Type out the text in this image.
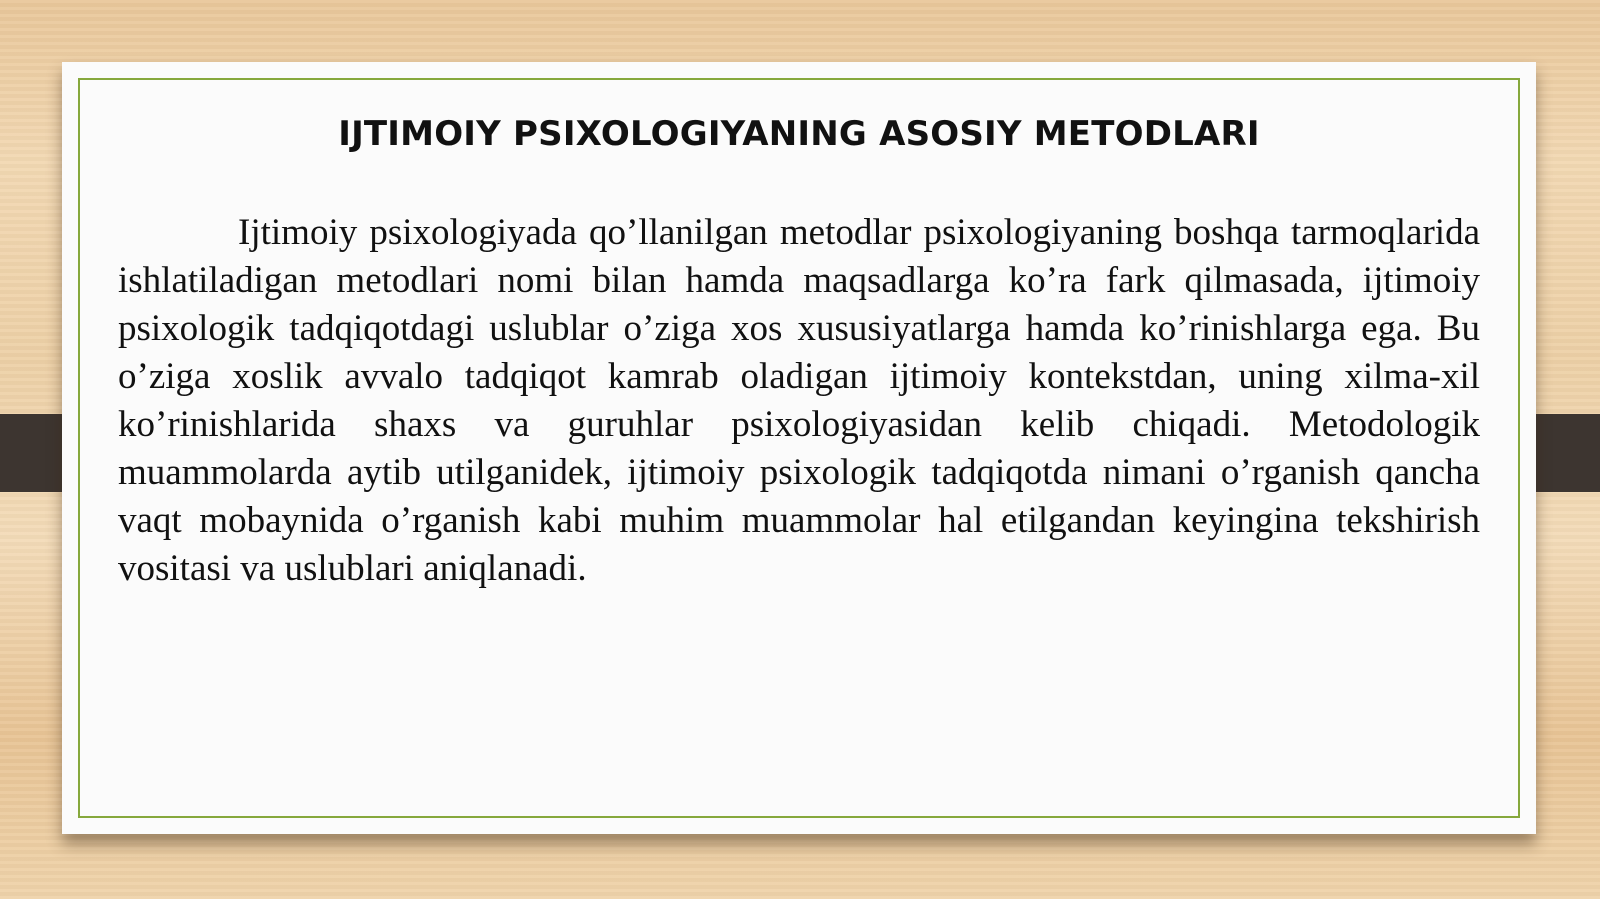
IJTIMOIY PSIXOLOGIYANING ASOSIY METODLARI

Ijtimoiy psixologiyada qo’llanilgan metodlar psixologiyaning boshqa tarmoqlarida ishlatiladigan metodlari nomi bilan hamda maqsadlarga ko’ra fark qilmasada, ijtimoiy psixologik tadqiqotdagi uslublar o’ziga xos xususiyatlarga hamda ko’rinishlarga ega. Bu o’ziga xoslik avvalo tadqiqot kamrab oladigan ijtimoiy kontekstdan, uning xilma-xil ko’rinishlarida shaxs va guruhlar psixologiyasidan kelib chiqadi. Metodologik muammolarda aytib utilganidek, ijtimoiy psixologik tadqiqotda nimani o’rganish qancha vaqt mobaynida o’rganish kabi muhim muammolar hal etilgandan keyingina tekshirish vositasi va uslublari aniqlanadi.
